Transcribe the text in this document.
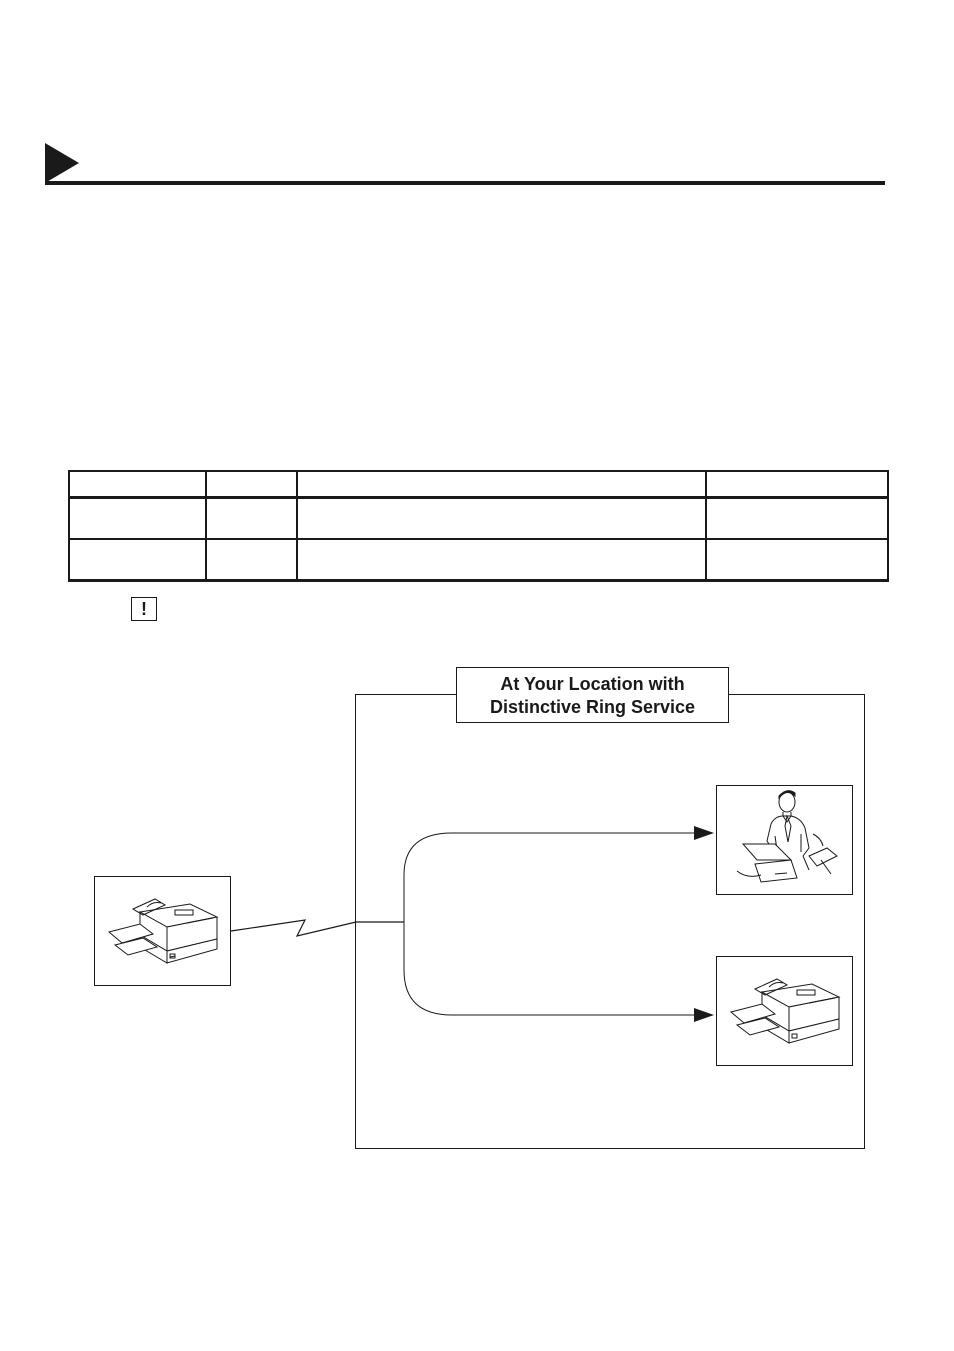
!
At Your Location with
Distinctive Ring Service
